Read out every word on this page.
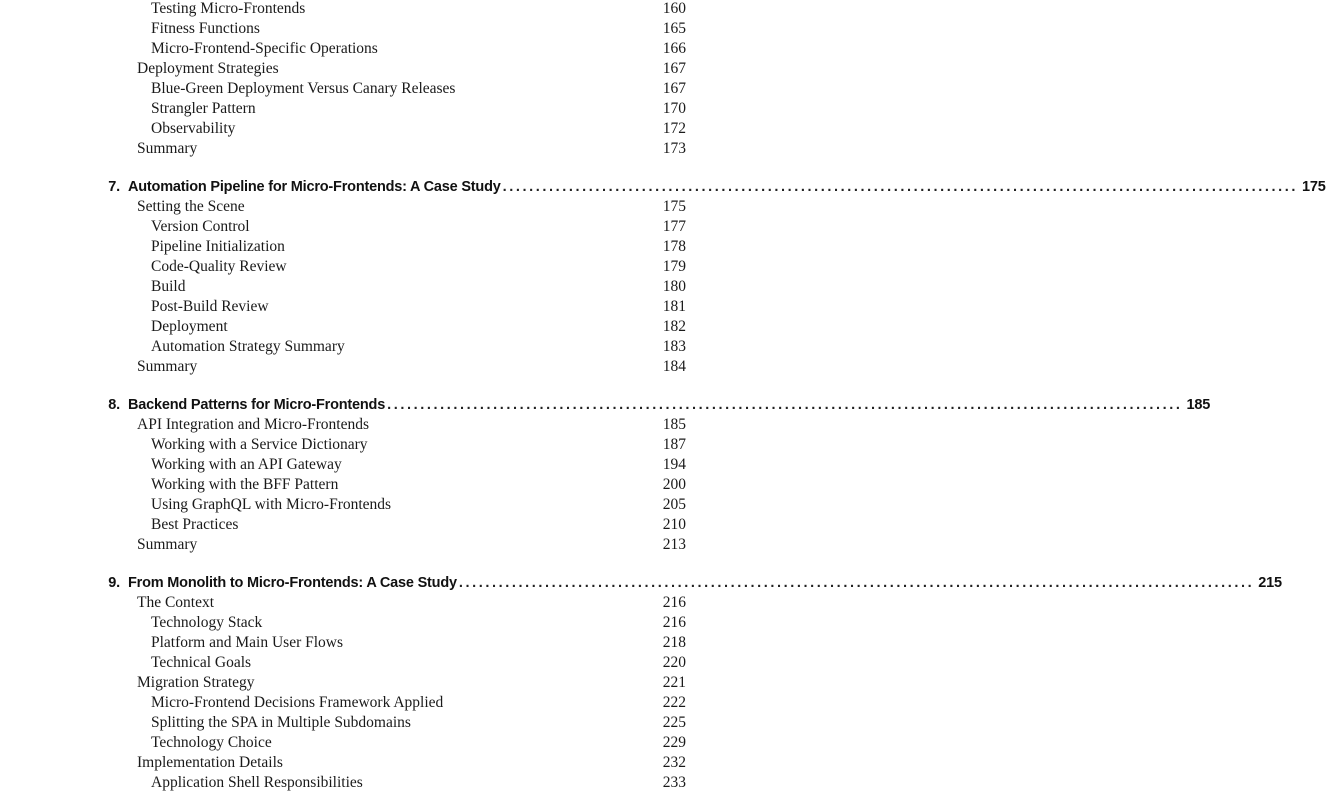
Testing Micro-Frontends	160
Fitness Functions	165
Micro-Frontend-Specific Operations	166
Deployment Strategies	167
Blue-Green Deployment Versus Canary Releases	167
Strangler Pattern	170
Observability	172
Summary	173
7. Automation Pipeline for Micro-Frontends: A Case Study ........................................................................................................................ 175
Setting the Scene	175
Version Control	177
Pipeline Initialization	178
Code-Quality Review	179
Build	180
Post-Build Review	181
Deployment	182
Automation Strategy Summary	183
Summary	184
8. Backend Patterns for Micro-Frontends ........................................................................................................................ 185
API Integration and Micro-Frontends	185
Working with a Service Dictionary	187
Working with an API Gateway	194
Working with the BFF Pattern	200
Using GraphQL with Micro-Frontends	205
Best Practices	210
Summary	213
9. From Monolith to Micro-Frontends: A Case Study ........................................................................................................................ 215
The Context	216
Technology Stack	216
Platform and Main User Flows	218
Technical Goals	220
Migration Strategy	221
Micro-Frontend Decisions Framework Applied	222
Splitting the SPA in Multiple Subdomains	225
Technology Choice	229
Implementation Details	232
Application Shell Responsibilities	233
